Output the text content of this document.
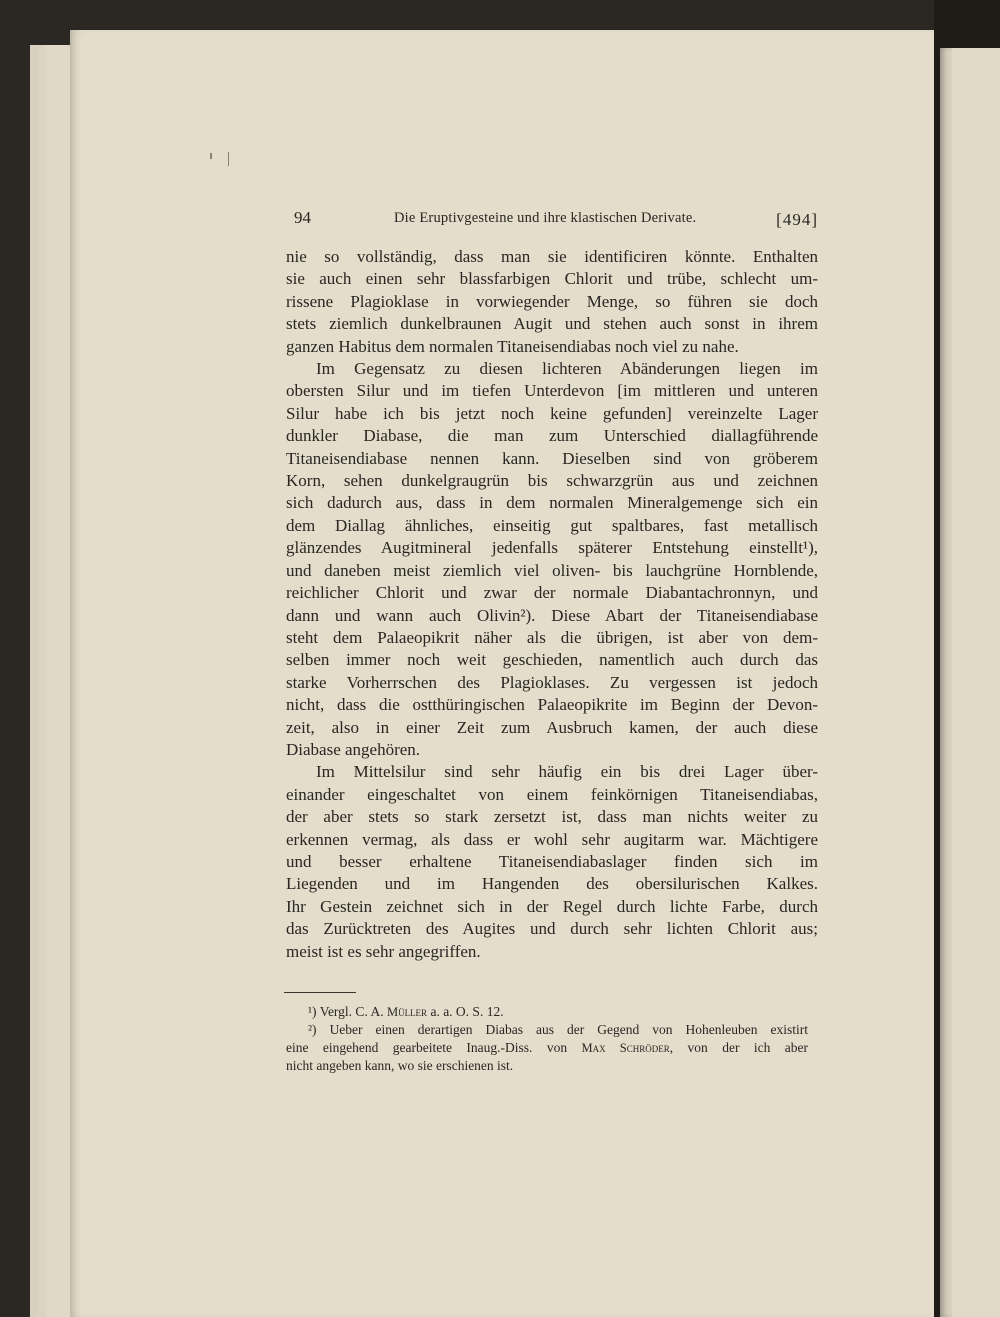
94	Die Eruptivgesteine und ihre klastischen Derivate.	[494]
nie so vollständig, dass man sie identificiren könnte. Enthalten
sie auch einen sehr blassfarbigen Chlorit und trübe, schlecht um-
rissene Plagioklase in vorwiegender Menge, so führen sie doch
stets ziemlich dunkelbraunen Augit und stehen auch sonst in ihrem
ganzen Habitus dem normalen Titaneisendiabas noch viel zu nahe.
Im Gegensatz zu diesen lichteren Abänderungen liegen im
obersten Silur und im tiefen Unterdevon [im mittleren und unteren
Silur habe ich bis jetzt noch keine gefunden] vereinzelte Lager
dunkler Diabase, die man zum Unterschied diallagführende
Titaneisendiabase nennen kann. Dieselben sind von gröberem
Korn, sehen dunkelgraugrün bis schwarzgrün aus und zeichnen
sich dadurch aus, dass in dem normalen Mineralgemenge sich ein
dem Diallag ähnliches, einseitig gut spaltbares, fast metallisch
glänzendes Augitmineral jedenfalls späterer Entstehung einstellt¹),
und daneben meist ziemlich viel oliven- bis lauchgrüne Hornblende,
reichlicher Chlorit und zwar der normale Diabantachronnyn, und
dann und wann auch Olivin²). Diese Abart der Titaneisendiabase
steht dem Palaeopikrit näher als die übrigen, ist aber von dem-
selben immer noch weit geschieden, namentlich auch durch das
starke Vorherrschen des Plagioklases. Zu vergessen ist jedoch
nicht, dass die ostthüringischen Palaeopikrite im Beginn der Devon-
zeit, also in einer Zeit zum Ausbruch kamen, der auch diese
Diabase angehören.
Im Mittelsilur sind sehr häufig ein bis drei Lager über-
einander eingeschaltet von einem feinkörnigen Titaneisendiabas,
der aber stets so stark zersetzt ist, dass man nichts weiter zu
erkennen vermag, als dass er wohl sehr augitarm war. Mächtigere
und besser erhaltene Titaneisendiabaslager finden sich im
Liegenden und im Hangenden des obersilurischen Kalkes.
Ihr Gestein zeichnet sich in der Regel durch lichte Farbe, durch
das Zurücktreten des Augites und durch sehr lichten Chlorit aus;
meist ist es sehr angegriffen.
¹) Vergl. C. A. Müller a. a. O. S. 12.
²) Ueber einen derartigen Diabas aus der Gegend von Hohenleuben existirt
eine eingehend gearbeitete Inaug.-Diss. von Max Schröder, von der ich aber
nicht angeben kann, wo sie erschienen ist.
